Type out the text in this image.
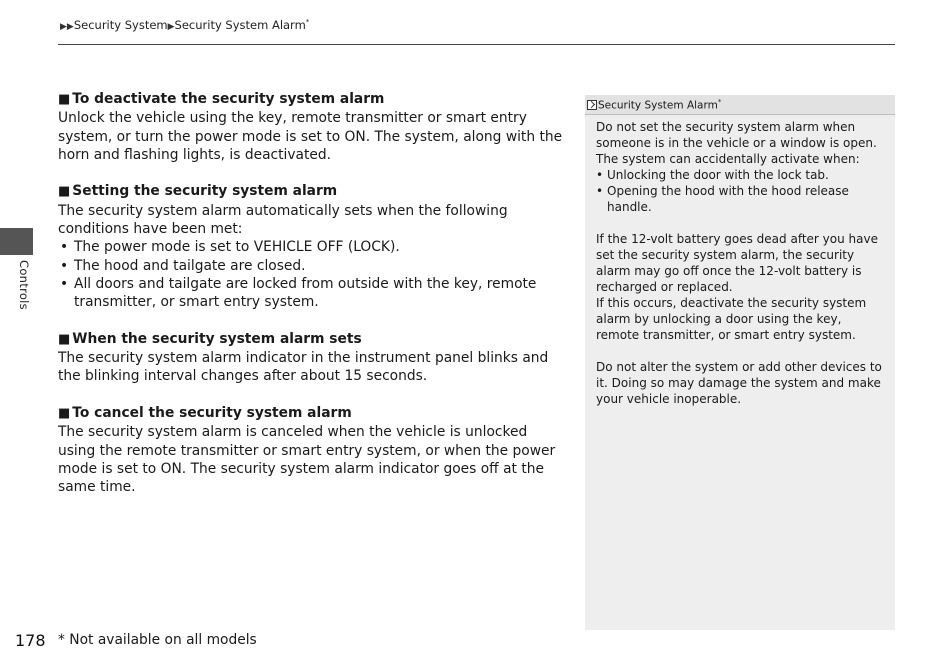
▶▶Security System▶Security System Alarm*
■ To deactivate the security system alarm

Unlock the vehicle using the key, remote transmitter or smart entry system, or turn the power mode is set to ON. The system, along with the horn and flashing lights, is deactivated.

■ Setting the security system alarm

The security system alarm automatically sets when the following conditions have been met:

• The power mode is set to VEHICLE OFF (LOCK).
• The hood and tailgate are closed.
• All doors and tailgate are locked from outside with the key, remote transmitter, or smart entry system.
■ When the security system alarm sets

The security system alarm indicator in the instrument panel blinks and the blinking interval changes after about 15 seconds.

■ To cancel the security system alarm

The security system alarm is canceled when the vehicle is unlocked using the remote transmitter or smart entry system, or when the power mode is set to ON. The security system alarm indicator goes off at the same time.

Security System Alarm*

Do not set the security system alarm when someone is in the vehicle or a window is open. The system can accidentally activate when:

• Unlocking the door with the lock tab.
• Opening the hood with the hood release handle.

If the 12-volt battery goes dead after you have set the security system alarm, the security alarm may go off once the 12-volt battery is recharged or replaced.

If this occurs, deactivate the security system alarm by unlocking a door using the key, remote transmitter, or smart entry system.

Do not alter the system or add other devices to it. Doing so may damage the system and make your vehicle inoperable.

Controls
178 * Not available on all models
